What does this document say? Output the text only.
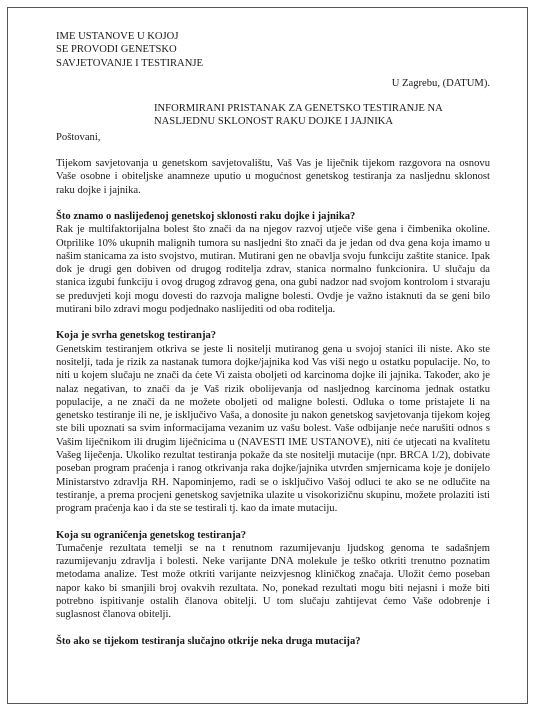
IME USTANOVE U KOJOJ
SE PROVODI GENETSKO
SAVJETOVANJE I TESTIRANJE
U Zagrebu, (DATUM).
INFORMIRANI PRISTANAK ZA GENETSKO TESTIRANJE NA
NASLJEDNU SKLONOST RAKU DOJKE I JAJNIKA
Poštovani,

Tijekom savjetovanja u genetskom savjetovalištu, Vaš Vas je liječnik tijekom razgovora na osnovu Vaše osobne i obiteljske anamneze uputio u mogućnost genetskog testiranja za nasljednu sklonost raku dojke i jajnika.

Što znamo o naslijeđenoj genetskoj sklonosti raku dojke i jajnika?

Rak je multifaktorijalna bolest što znači da na njegov razvoj utječe više gena i čimbenika okoline. Otprilike 10% ukupnih malignih tumora su nasljedni što znači da je jedan od dva gena koja imamo u našim stanicama za isto svojstvo, mutiran. Mutirani gen ne obavlja svoju funkciju zaštite stanice. Ipak dok je drugi gen dobiven od drugog roditelja zdrav, stanica normalno funkcionira. U slučaju da stanica izgubi funkciju i ovog drugog zdravog gena, ona gubi nadzor nad svojom kontrolom i stvaraju se preduvjeti koji mogu dovesti do razvoja maligne bolesti. Ovdje je važno istaknuti da se geni bilo mutirani bilo zdravi mogu podjednako naslijediti od oba roditelja.

Koja je svrha genetskog testiranja?

Genetskim testiranjem otkriva se jeste li nositelji mutiranog gena u svojoj stanici ili niste. Ako ste nositelji, tada je rizik za nastanak tumora dojke/jajnika kod Vas viši nego u ostatku populacije. No, to niti u kojem slučaju ne znači da ćete Vi zaista oboljeti od karcinoma dojke ili jajnika. Također, ako je nalaz negativan, to znači da je Vaš rizik obolijevanja od nasljednog karcinoma jednak ostatku populacije, a ne znači da ne možete oboljeti od maligne bolesti. Odluka o tome pristajete li na genetsko testiranje ili ne, je isključivo Vaša, a donosite ju nakon genetskog savjetovanja tijekom kojeg ste bili upoznati sa svim informacijama vezanim uz vašu bolest. Vaše odbijanje neće narušiti odnos s Vašim liječnikom ili drugim liječnicima u (NAVESTI IME USTANOVE), niti će utjecati na kvalitetu Vašeg liječenja. Ukoliko rezultat testiranja pokaže da ste nositelji mutacije (npr. BRCA 1/2), dobivate poseban program praćenja i ranog otkrivanja raka dojke/jajnika utvrđen smjernicama koje je donijelo Ministarstvo zdravlja RH. Napominjemo, radi se o isključivo Vašoj odluci te ako se ne odlučite na testiranje, a prema procjeni genetskog savjetnika ulazite u visokorizičnu skupinu, možete prolaziti isti program praćenja kao i da ste se testirali tj. kao da imate mutaciju.

Koja su ograničenja genetskog testiranja?

Tumačenje rezultata temelji se na t renutnom razumijevanju ljudskog genoma te sadašnjem razumijevanju zdravlja i bolesti. Neke varijante DNA molekule je teško otkriti trenutno poznatim metodama analize. Test može otkriti varijante neizvjesnog kliničkog značaja. Uložit ćemo poseban napor kako bi smanjili broj ovakvih rezultata. No, ponekad rezultati mogu biti nejasni i može biti potrebno ispitivanje ostalih članova obitelji. U tom slučaju zahtijevat ćemo Vaše odobrenje i suglasnost članova obitelji.

Što ako se tijekom testiranja slučajno otkrije neka druga mutacija?
